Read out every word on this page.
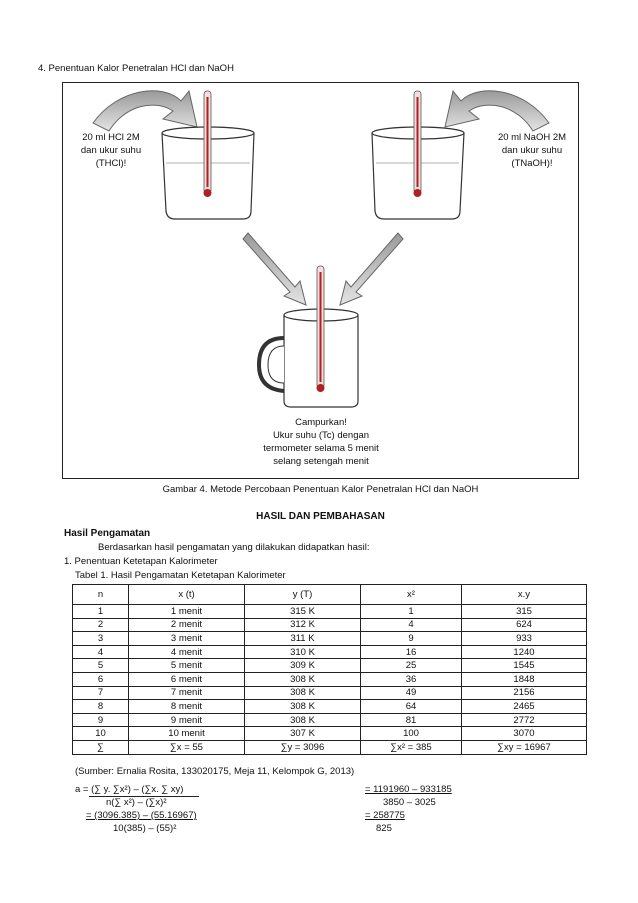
4. Penentuan Kalor Penetralan HCl dan NaOH
20 ml HCl 2M
dan ukur suhu
(THCl)!
20 ml NaOH 2M
dan ukur suhu
(TNaOH)!
Campurkan!
Ukur suhu (Tc) dengan
termometer selama 5 menit
selang setengah menit
Gambar 4. Metode Percobaan Penentuan Kalor Penetralan HCl dan NaOH
HASIL DAN PEMBAHASAN
Hasil Pengamatan
Berdasarkan hasil pengamatan yang dilakukan didapatkan hasil:
1. Penentuan Ketetapan Kalorimeter
Tabel 1. Hasil Pengamatan Ketetapan Kalorimeter
n	x (t)	y (T)	x²	x.y
1	1 menit	315 K	1	315
2	2 menit	312 K	4	624
3	3 menit	311 K	9	933
4	4 menit	310 K	16	1240
5	5 menit	309 K	25	1545
6	6 menit	308 K	36	1848
7	7 menit	308 K	49	2156
8	8 menit	308 K	64	2465
9	9 menit	308 K	81	2772
10	10 menit	307 K	100	3070
∑	∑x = 55	∑y = 3096	∑x² = 385	∑xy = 16967
(Sumber: Ernalia Rosita, 133020175, Meja 11, Kelompok G, 2013)
a = (∑ y. ∑x²) – (∑x. ∑ xy)
n(∑ x²) – (∑x)²
= (3096.385) – (55.16967)
10(385) – (55)²
= 1191960 – 933185
3850 – 3025
= 258775
825
